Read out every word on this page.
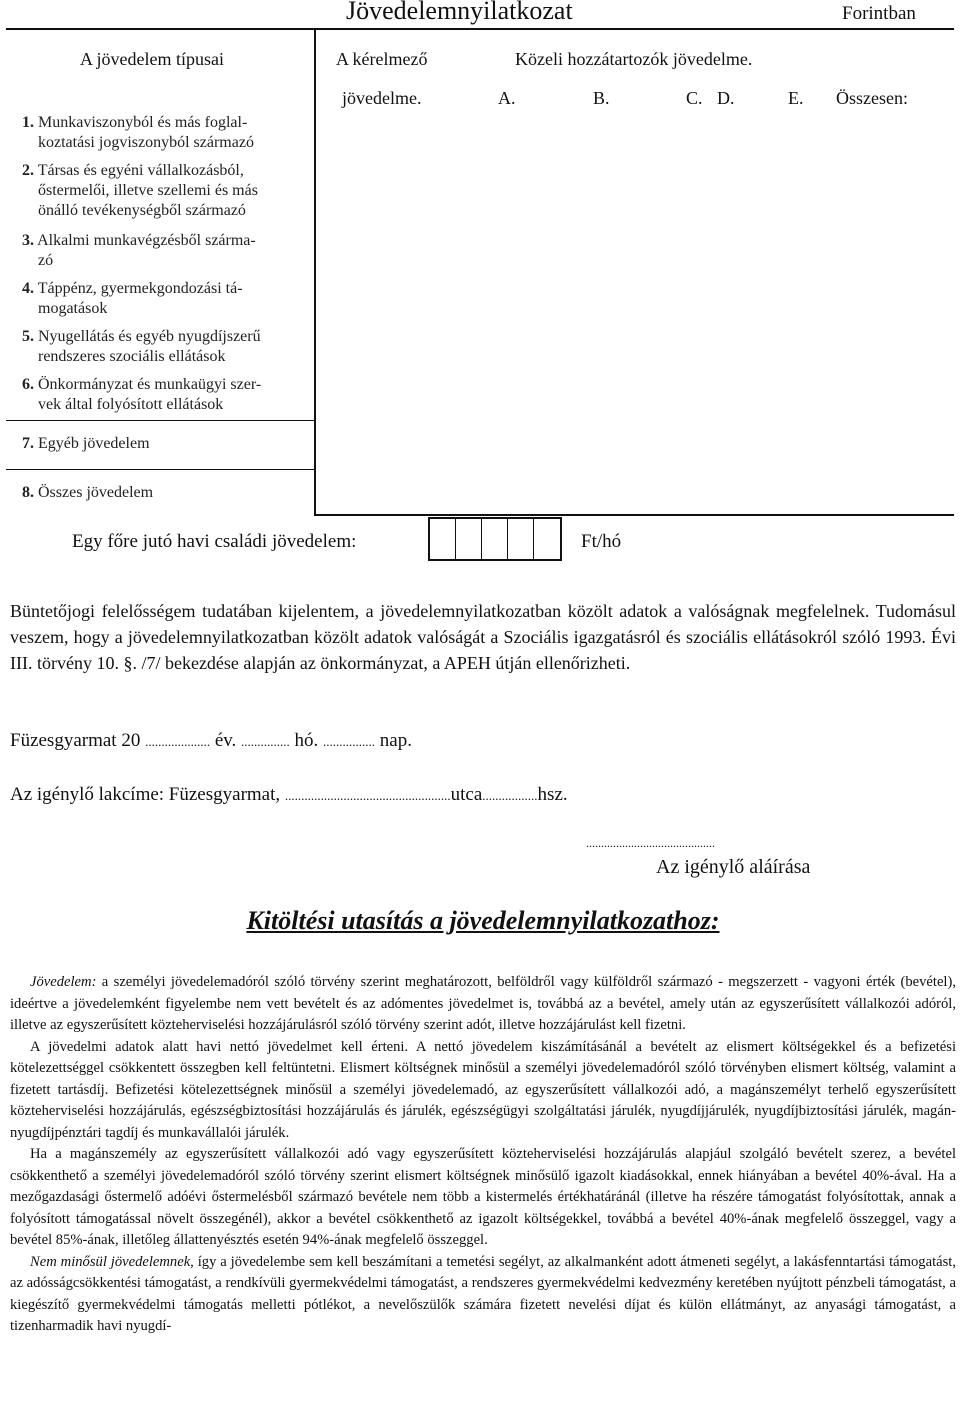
Jövedelemnyilatkozat	Forintban
A jövedelem típusai	A kérelmező	Közeli hozzátartozók jövedelme.
jövedelme.	A.	B.	C. D.	E. Összesen:
1. Munkaviszonyból és más foglal-
koztatási jogviszonyból származó
2. Társas és egyéni vállalkozásból,
őstermelői, illetve szellemi és más
önálló tevékenységből származó
3. Alkalmi munkavégzésből szárma-
zó
4. Táppénz, gyermekgondozási tá-
mogatások
5. Nyugellátás és egyéb nyugdíjszerű
rendszeres szociális ellátások
6. Önkormányzat és munkaügyi szer-
vek által folyósított ellátások
7. Egyéb jövedelem
8. Összes jövedelem
Egy főre jutó havi családi jövedelem:	Ft/hó
Büntetőjogi felelősségem tudatában kijelentem, a jövedelemnyilatkozatban közölt adatok a valóságnak megfelelnek. Tudomásul veszem, hogy a jövedelemnyilatkozatban közölt adatok valóságát a Szociális igazgatásról és szociális ellátásokról szóló 1993. Évi III. törvény 10. §. /7/ bekezdése alapján az önkormányzat, a APEH útján ellenőrizheti.
Füzesgyarmat 20 .................... év. ............... hó. ................ nap.
Az igénylő lakcíme: Füzesgyarmat, ...................................................utca.................hsz.
...........................................
Az igénylő aláírása
Kitöltési utasítás a jövedelemnyilatkozathoz:

Jövedelem: a személyi jövedelemadóról szóló törvény szerint meghatározott, belföldről vagy külföldről származó - megszerzett - vagyoni érték (bevétel), ideértve a jövedelemként figyelembe nem vett bevételt és az adómentes jövedelmet is, továbbá az a bevétel, amely után az egyszerűsített vállalkozói adóról, illetve az egyszerűsített közteherviselési hozzájárulásról szóló törvény szerint adót, illetve hozzájárulást kell fizetni.

A jövedelmi adatok alatt havi nettó jövedelmet kell érteni. A nettó jövedelem kiszámításánál a bevételt az elismert költségekkel és a befizetési kötelezettséggel csökkentett összegben kell feltüntetni. Elismert költségnek minősül a személyi jövedelemadóról szóló törvényben elismert költség, valamint a fizetett tartásdíj. Befizetési kötelezettségnek minősül a személyi jövedelemadó, az egyszerűsített vállalkozói adó, a magánszemélyt terhelő egyszerűsített közteherviselési hozzájárulás, egészségbiztosítási hozzájárulás és járulék, egészségügyi szolgáltatási járulék, nyugdíjjárulék, nyugdíjbiztosítási járulék, magán-nyugdíjpénztári tagdíj és munkavállalói járulék.

Ha a magánszemély az egyszerűsített vállalkozói adó vagy egyszerűsített közteherviselési hozzájárulás alapjául szolgáló bevételt szerez, a bevétel csökkenthető a személyi jövedelemadóról szóló törvény szerint elismert költségnek minősülő igazolt kiadásokkal, ennek hiányában a bevétel 40%-ával. Ha a mezőgazdasági őstermelő adóévi őstermelésből származó bevétele nem több a kistermelés értékhatáránál (illetve ha részére támogatást folyósítottak, annak a folyósított támogatással növelt összegénél), akkor a bevétel csökkenthető az igazolt költségekkel, továbbá a bevétel 40%-ának megfelelő összeggel, vagy a bevétel 85%-ának, illetőleg állattenyésztés esetén 94%-ának megfelelő összeggel.

Nem minősül jövedelemnek, így a jövedelembe sem kell beszámítani a temetési segélyt, az alkalmanként adott átmeneti segélyt, a lakásfenntartási támogatást, az adósságcsökkentési támogatást, a rendkívüli gyermekvédelmi támogatást, a rendszeres gyermekvédelmi kedvezmény keretében nyújtott pénzbeli támogatást, a kiegészítő gyermekvédelmi támogatás melletti pótlékot, a nevelőszülők számára fizetett nevelési díjat és külön ellátmányt, az anyasági támogatást, a tizenharmadik havi nyugdí-
